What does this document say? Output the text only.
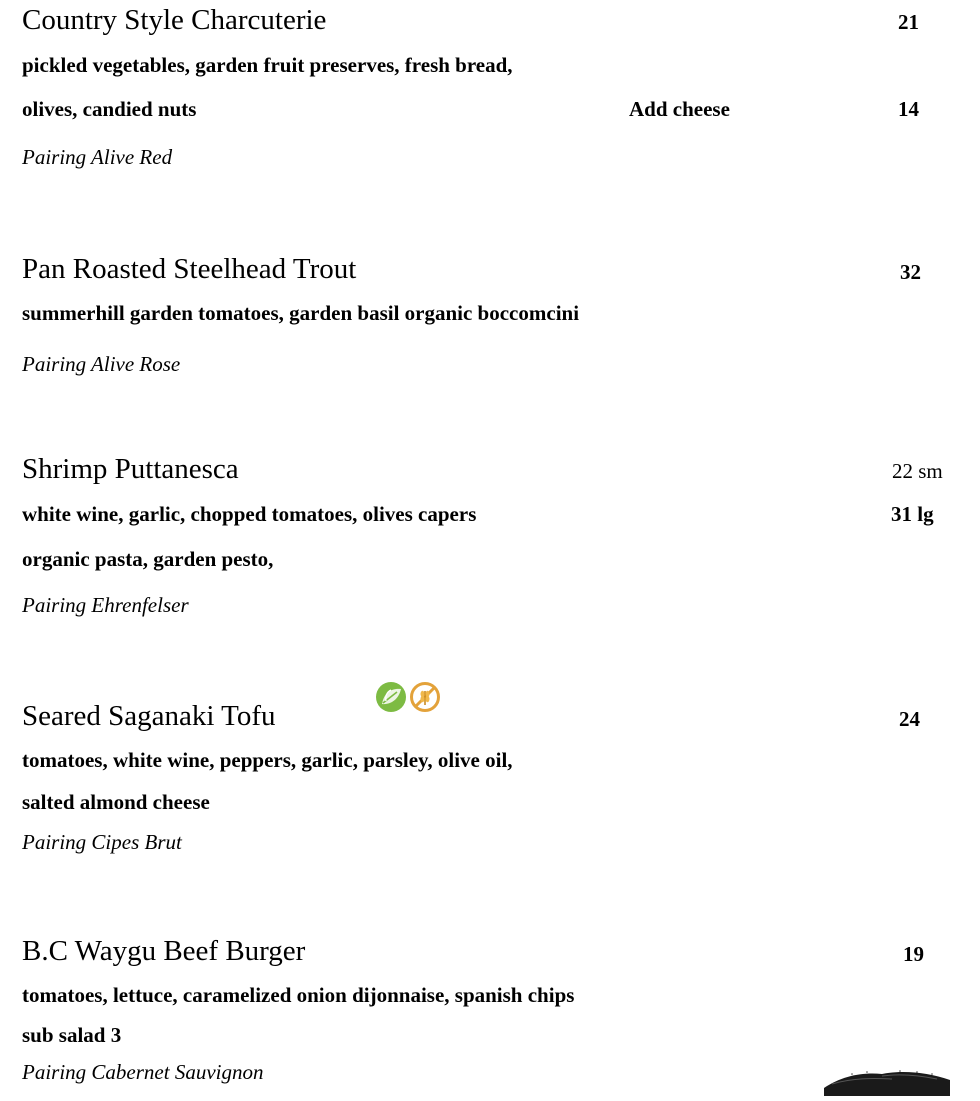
Country Style Charcuterie	21
pickled vegetables, garden fruit preserves, fresh bread,
olives, candied nuts	Add cheese	14
Pairing Alive Red
Pan Roasted Steelhead Trout	32
summerhill garden tomatoes, garden basil organic boccomcini
Pairing Alive Rose
Shrimp Puttanesca	22 sm
white wine, garlic, chopped tomatoes, olives capers	31 lg
organic pasta, garden pesto,
Pairing Ehrenfelser
Seared Saganaki Tofu	24
tomatoes, white wine, peppers, garlic, parsley, olive oil,
salted almond cheese
Pairing Cipes Brut
B.C Waygu Beef Burger	19
tomatoes, lettuce, caramelized onion dijonnaise, spanish chips
sub salad 3
Pairing Cabernet Sauvignon
